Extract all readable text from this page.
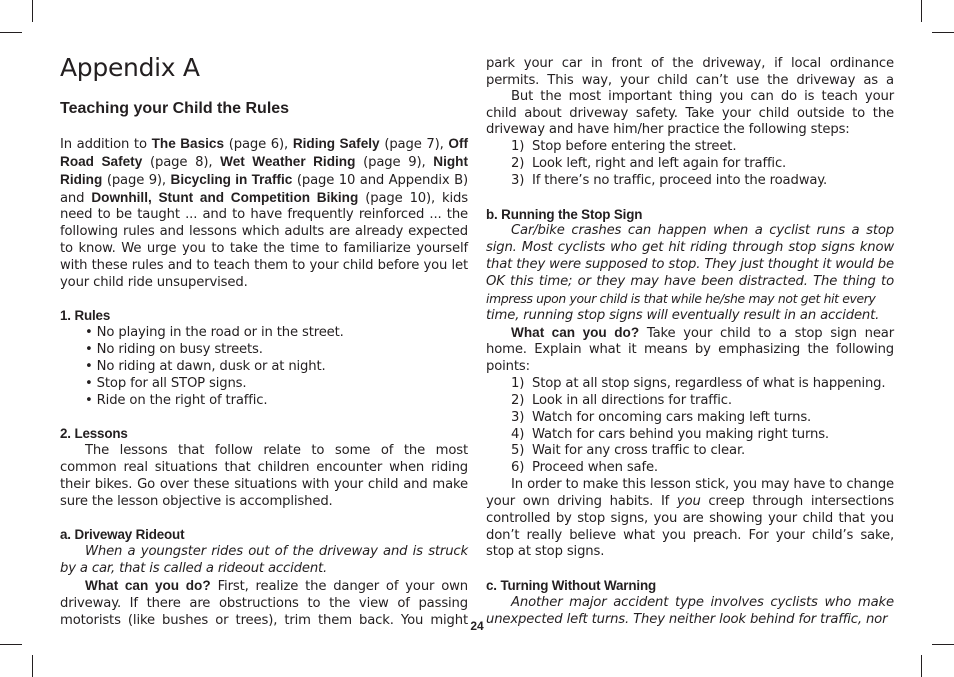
Appendix A
Teaching your Child the Rules

In addition to The Basics (page 6), Riding Safely (page 7), Off Road Safety (page 8), Wet Weather Riding (page 9), Night Riding (page 9), Bicycling in Traffic (page 10 and Appendix B) and Downhill, Stunt and Competition Biking (page 10), kids need to be taught ... and to have frequently reinforced ... the following rules and lessons which adults are already expected to know. We urge you to take the time to familiarize yourself with these rules and to teach them to your child before you let your child ride unsupervised.

1. Rules
• No playing in the road or in the street.
• No riding on busy streets.
• No riding at dawn, dusk or at night.
• Stop for all STOP signs.
• Ride on the right of traffic.
2. Lessons

The lessons that follow relate to some of the most common real situations that children encounter when riding their bikes. Go over these situations with your child and make sure the lesson objective is accomplished.

a. Driveway Rideout

When a youngster rides out of the driveway and is struck by a car, that is called a rideout accident.

What can you do? First, realize the danger of your own driveway. If there are obstructions to the view of passing motorists (like bushes or trees), trim them back. You might

park your car in front of the driveway, if local ordinance permits. This way, your child can’t use the driveway as a

But the most important thing you can do is teach your child about driveway safety. Take your child outside to the driveway and have him/her practice the following steps:

1) Stop before entering the street.
2) Look left, right and left again for traffic.
3) If there’s no traffic, proceed into the roadway.
b. Running the Stop Sign

Car/bike crashes can happen when a cyclist runs a stop sign. Most cyclists who get hit riding through stop signs know that they were supposed to stop. They just thought it would be OK this time; or they may have been distracted. The thing to

impress upon your child is that while he/she may not get hit every

time, running stop signs will eventually result in an accident.

What can you do? Take your child to a stop sign near home. Explain what it means by emphasizing the following points:

1) Stop at all stop signs, regardless of what is happening.
2) Look in all directions for traffic.
3) Watch for oncoming cars making left turns.
4) Watch for cars behind you making right turns.
5) Wait for any cross traffic to clear.
6) Proceed when safe.

In order to make this lesson stick, you may have to change your own driving habits. If you creep through intersections controlled by stop signs, you are showing your child that you don’t really believe what you preach. For your child’s sake, stop at stop signs.

c. Turning Without Warning

Another major accident type involves cyclists who make unexpected left turns. They neither look behind for traffic, nor

24
